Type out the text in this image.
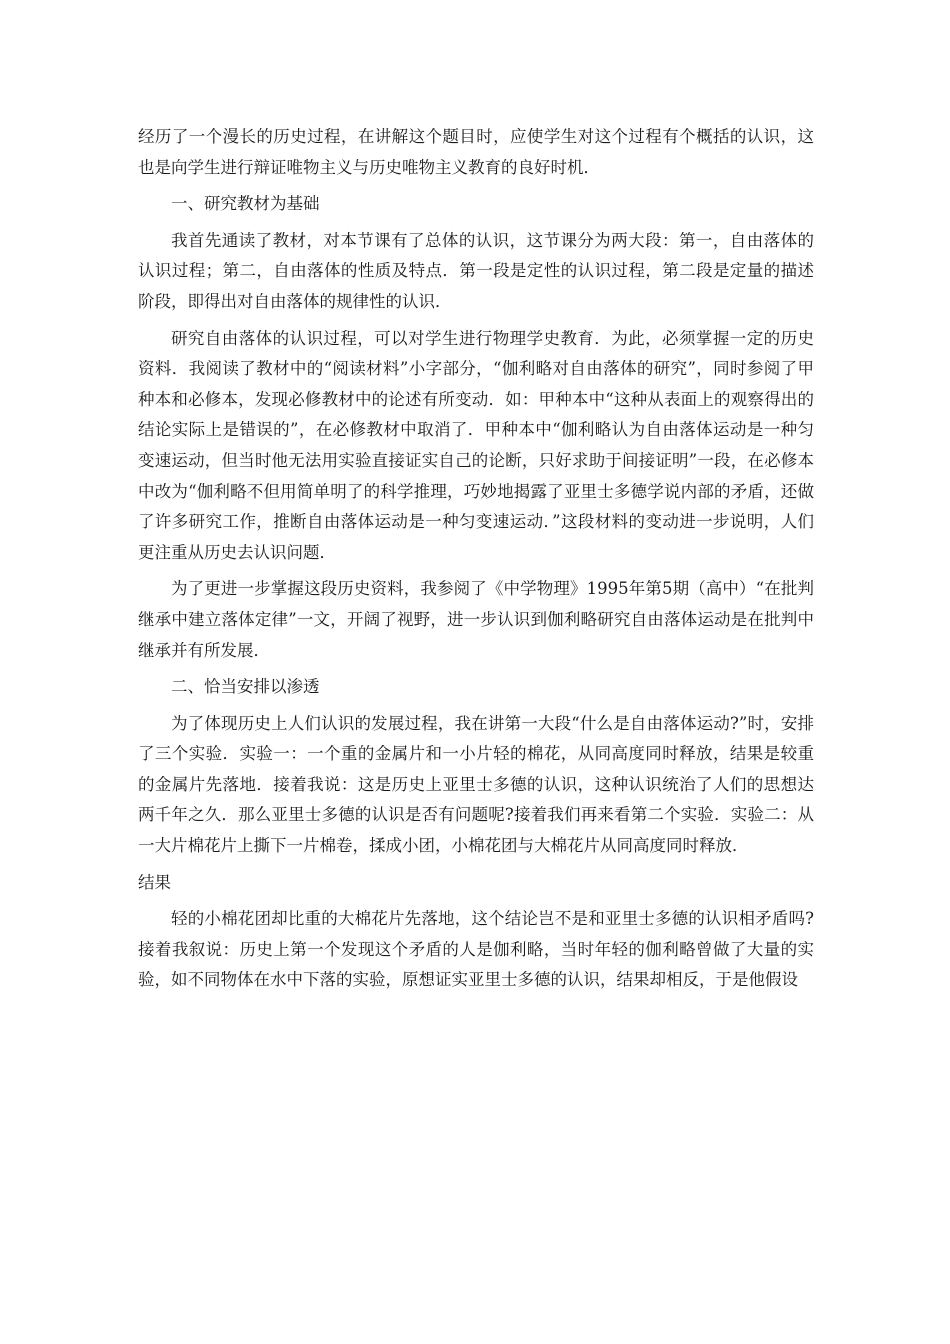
经历了一个漫长的历史过程，在讲解这个题目时，应使学生对这个过程有个概括的认识，这也是向学生进行辩证唯物主义与历史唯物主义教育的良好时机．

一、研究教材为基础

我首先通读了教材，对本节课有了总体的认识，这节课分为两大段：第一，自由落体的认识过程；第二，自由落体的性质及特点．第一段是定性的认识过程，第二段是定量的描述阶段，即得出对自由落体的规律性的认识．

研究自由落体的认识过程，可以对学生进行物理学史教育．为此，必须掌握一定的历史资料．我阅读了教材中的“阅读材料”小字部分，“伽利略对自由落体的研究”，同时参阅了甲种本和必修本，发现必修教材中的论述有所变动．如：甲种本中“这种从表面上的观察得出的结论实际上是错误的”，在必修教材中取消了．甲种本中“伽利略认为自由落体运动是一种匀变速运动，但当时他无法用实验直接证实自己的论断，只好求助于间接证明”一段，在必修本中改为“伽利略不但用简单明了的科学推理，巧妙地揭露了亚里士多德学说内部的矛盾，还做了许多研究工作，推断自由落体运动是一种匀变速运动．”这段材料的变动进一步说明，人们更注重从历史去认识问题．

为了更进一步掌握这段历史资料，我参阅了《中学物理》1995年第5期（高中）“在批判继承中建立落体定律”一文，开阔了视野，进一步认识到伽利略研究自由落体运动是在批判中继承并有所发展．

二、恰当安排以渗透

为了体现历史上人们认识的发展过程，我在讲第一大段“什么是自由落体运动?”时，安排了三个实验．实验一：一个重的金属片和一小片轻的棉花，从同高度同时释放，结果是较重的金属片先落地．接着我说：这是历史上亚里士多德的认识，这种认识统治了人们的思想达两千年之久．那么亚里士多德的认识是否有问题呢?接着我们再来看第二个实验．实验二：从一大片棉花片上撕下一片棉卷，揉成小团，小棉花团与大棉花片从同高度同时释放．

结果

轻的小棉花团却比重的大棉花片先落地，这个结论岂不是和亚里士多德的认识相矛盾吗?接着我叙说：历史上第一个发现这个矛盾的人是伽利略，当时年轻的伽利略曾做了大量的实验，如不同物体在水中下落的实验，原想证实亚里士多德的认识，结果却相反，于是他假设
